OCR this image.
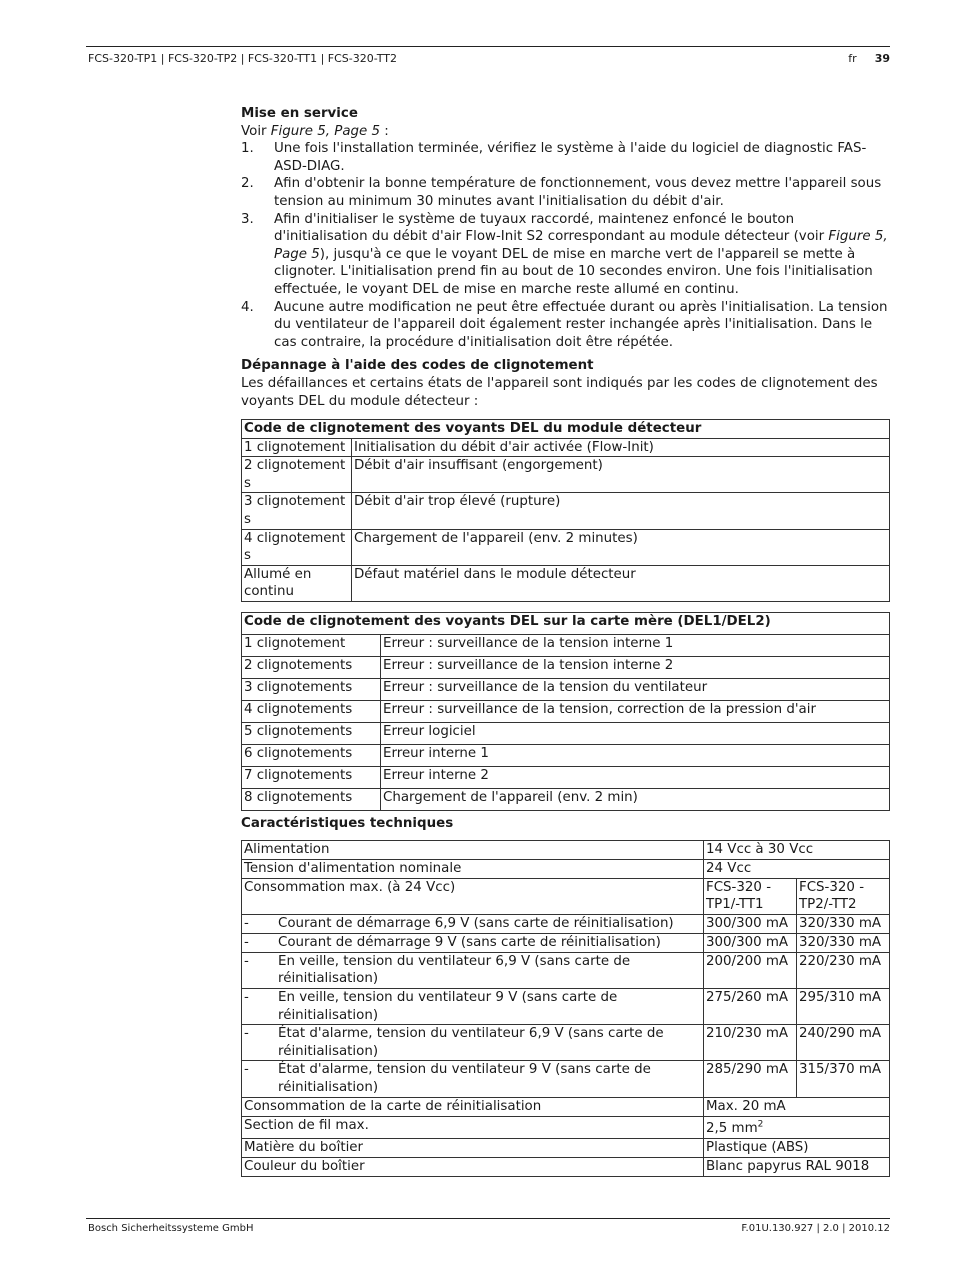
FCS-320-TP1 | FCS-320-TP2 | FCS-320-TT1 | FCS-320-TT2	fr 39

Mise en service

Voir Figure 5, Page 5 :

1. Une fois l'installation terminée, vérifiez le système à l'aide du logiciel de diagnostic FAS-ASD-DIAG.
2. Afin d'obtenir la bonne température de fonctionnement, vous devez mettre l'appareil sous tension au minimum 30 minutes avant l'initialisation du débit d'air.
3. Afin d'initialiser le système de tuyaux raccordé, maintenez enfoncé le bouton d'initialisation du débit d'air Flow-Init S2 correspondant au module détecteur (voir Figure 5, Page 5), jusqu'à ce que le voyant DEL de mise en marche vert de l'appareil se mette à clignoter. L'initialisation prend fin au bout de 10 secondes environ. Une fois l'initialisation effectuée, le voyant DEL de mise en marche reste allumé en continu.
4. Aucune autre modification ne peut être effectuée durant ou après l'initialisation. La tension du ventilateur de l'appareil doit également rester inchangée après l'initialisation. Dans le cas contraire, la procédure d'initialisation doit être répétée.

Dépannage à l'aide des codes de clignotement

Les défaillances et certains états de l'appareil sont indiqués par les codes de clignotement des voyants DEL du module détecteur :

Code de clignotement des voyants DEL du module détecteur	
1 clignotement	Initialisation du débit d'air activée (Flow-Init)
2 clignotement s	Débit d'air insuffisant (engorgement)
3 clignotement s	Débit d'air trop élevé (rupture)
4 clignotement s	Chargement de l'appareil (env. 2 minutes)
Allumé en continu	Défaut matériel dans le module détecteur
Code de clignotement des voyants DEL sur la carte mère (DEL1/DEL2)	
1 clignotement	Erreur : surveillance de la tension interne 1
2 clignotements	Erreur : surveillance de la tension interne 2
3 clignotements	Erreur : surveillance de la tension du ventilateur
4 clignotements	Erreur : surveillance de la tension, correction de la pression d'air
5 clignotements	Erreur logiciel
6 clignotements	Erreur interne 1
7 clignotements	Erreur interne 2
8 clignotements	Chargement de l'appareil (env. 2 min)

Caractéristiques techniques

Alimentation	14 Vcc à 30 Vcc	
Tension d'alimentation nominale	24 Vcc	
Consommation max. (à 24 Vcc)	FCS-320 -TP1/-TT1	FCS-320 -TP2/-TT2

- Courant de démarrage 6,9 V (sans carte de réinitialisation)	300/300 mA	320/330 mA

- Courant de démarrage 9 V (sans carte de réinitialisation)	300/300 mA	320/330 mA

- En veille, tension du ventilateur 6,9 V (sans carte de réinitialisation)	200/200 mA	220/230 mA

- En veille, tension du ventilateur 9 V (sans carte de réinitialisation)	275/260 mA	295/310 mA

- État d'alarme, tension du ventilateur 6,9 V (sans carte de réinitialisation)	210/230 mA	240/290 mA

- État d'alarme, tension du ventilateur 9 V (sans carte de réinitialisation)	285/290 mA	315/370 mA
Consommation de la carte de réinitialisation	Max. 20 mA	
Section de fil max.	2,5 $mm^2$
Matière du boîtier	Plastique (ABS)	
Couleur du boîtier	Blanc papyrus RAL 9018	
Bosch Sicherheitssysteme GmbH	F.01U.130.927 | 2.0 | 2010.12
